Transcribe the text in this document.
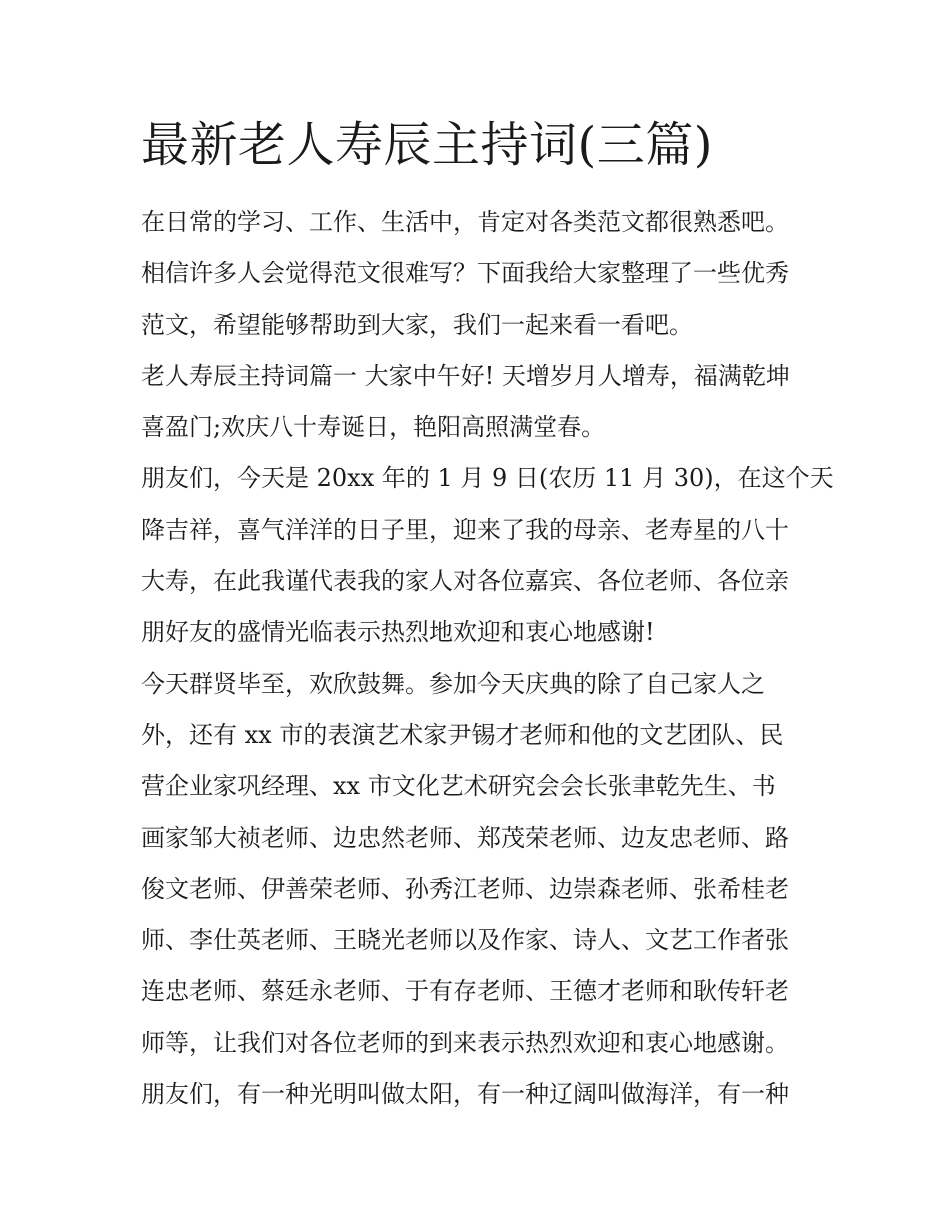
最新老人寿辰主持词(三篇)
在日常的学习、工作、生活中，肯定对各类范文都很熟悉吧。
相信许多人会觉得范文很难写？下面我给大家整理了一些优秀
范文，希望能够帮助到大家，我们一起来看一看吧。
老人寿辰主持词篇一 大家中午好! 天增岁月人增寿，福满乾坤
喜盈门;欢庆八十寿诞日，艳阳高照满堂春。
朋友们，今天是 20xx 年的 1 月 9 日(农历 11 月 30)，在这个天
降吉祥，喜气洋洋的日子里，迎来了我的母亲、老寿星的八十
大寿，在此我谨代表我的家人对各位嘉宾、各位老师、各位亲
朋好友的盛情光临表示热烈地欢迎和衷心地感谢!
今天群贤毕至，欢欣鼓舞。参加今天庆典的除了自己家人之
外，还有 xx 市的表演艺术家尹锡才老师和他的文艺团队、民
营企业家巩经理、xx 市文化艺术研究会会长张聿乾先生、书
画家邹大祯老师、边忠然老师、郑茂荣老师、边友忠老师、路
俊文老师、伊善荣老师、孙秀江老师、边崇森老师、张希桂老
师、李仕英老师、王晓光老师以及作家、诗人、文艺工作者张
连忠老师、蔡廷永老师、于有存老师、王德才老师和耿传轩老
师等，让我们对各位老师的到来表示热烈欢迎和衷心地感谢。
朋友们，有一种光明叫做太阳，有一种辽阔叫做海洋，有一种
